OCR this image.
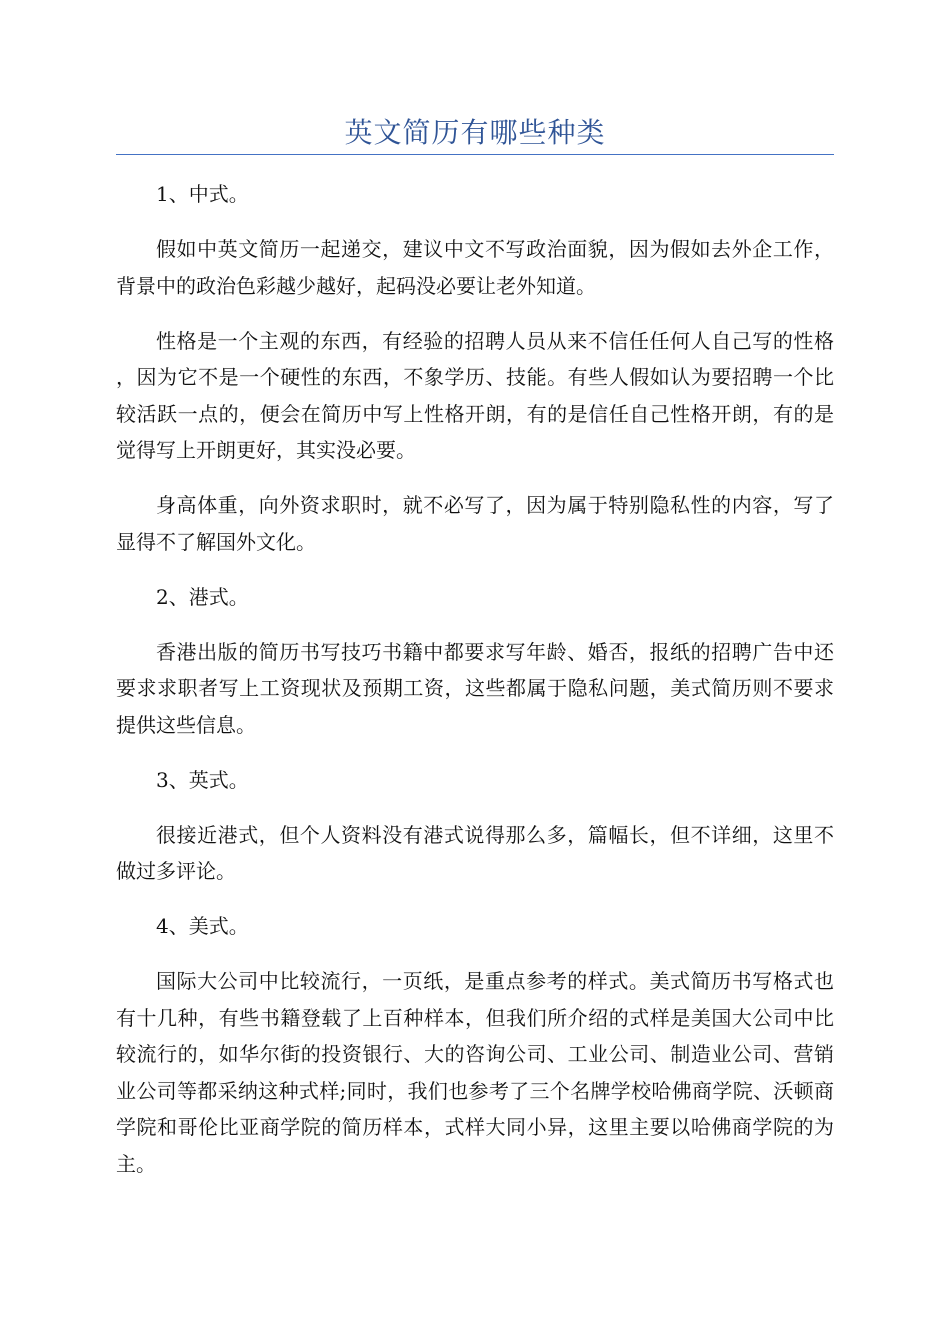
英文简历有哪些种类

1、中式。

假如中英文简历一起递交，建议中文不写政治面貌，因为假如去外企工作，背景中的政治色彩越少越好，起码没必要让老外知道。

性格是一个主观的东西，有经验的招聘人员从来不信任任何人自己写的性格，因为它不是一个硬性的东西，不象学历、技能。有些人假如认为要招聘一个比较活跃一点的，便会在简历中写上性格开朗，有的是信任自己性格开朗，有的是觉得写上开朗更好，其实没必要。

身高体重，向外资求职时，就不必写了，因为属于特别隐私性的内容，写了显得不了解国外文化。

2、港式。

香港出版的简历书写技巧书籍中都要求写年龄、婚否，报纸的招聘广告中还要求求职者写上工资现状及预期工资，这些都属于隐私问题，美式简历则不要求提供这些信息。

3、英式。

很接近港式，但个人资料没有港式说得那么多，篇幅长，但不详细，这里不做过多评论。

4、美式。

国际大公司中比较流行，一页纸，是重点参考的样式。美式简历书写格式也有十几种，有些书籍登载了上百种样本，但我们所介绍的式样是美国大公司中比较流行的，如华尔街的投资银行、大的咨询公司、工业公司、制造业公司、营销业公司等都采纳这种式样;同时，我们也参考了三个名牌学校哈佛商学院、沃顿商学院和哥伦比亚商学院的简历样本，式样大同小异，这里主要以哈佛商学院的为主。
